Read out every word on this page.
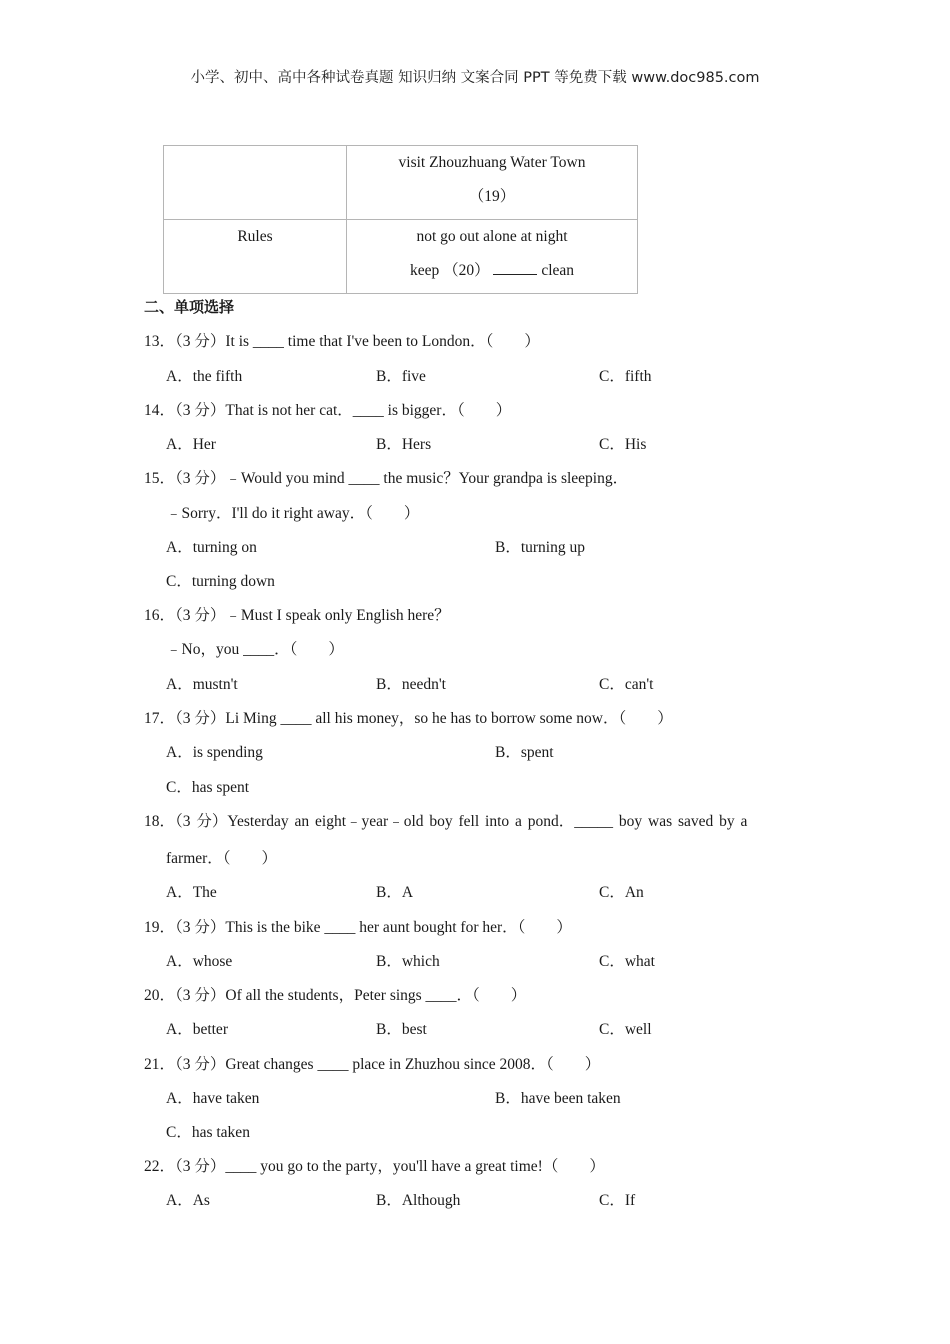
小学、初中、高中各种试卷真题 知识归纳 文案合同 PPT 等免费下载 www.doc985.com

	visit Zhouzhuang Water Town
（19）

Rules	not go out alone at night
keep （20） clean
二、单项选择
13．（3 分）It is ____ time that I've been to London．（　　）
A．the fifth	B．five	C．fifth
14．（3 分）That is not her cat．____ is bigger．（　　）
A．Her	B．Hers	C．His
15．（3 分）﹣Would you mind ____ the music？Your grandpa is sleeping．
﹣Sorry．I'll do it right away．（　　）
A．turning on	B．turning up
C．turning down
16．（3 分）﹣Must I speak only English here？
﹣No，you ____．（　　）
A．mustn't	B．needn't	C．can't
17．（3 分）Li Ming ____ all his money，so he has to borrow some now．（　　）
A．is spending	B．spent
C．has spent
18．（3 分）Yesterday an eight﹣year﹣old boy fell into a pond．_____ boy was saved by a
farmer．（　　）
A．The	B．A	C．An
19．（3 分）This is the bike ____ her aunt bought for her．（　　）
A．whose	B．which	C．what
20．（3 分）Of all the students，Peter sings ____．（　　）
A．better	B．best	C．well
21．（3 分）Great changes ____ place in Zhuzhou since 2008．（　　）
A．have taken	B．have been taken
C．has taken
22．（3 分）____ you go to the party，you'll have a great time!（　　）
A．As	B．Although	C．If
